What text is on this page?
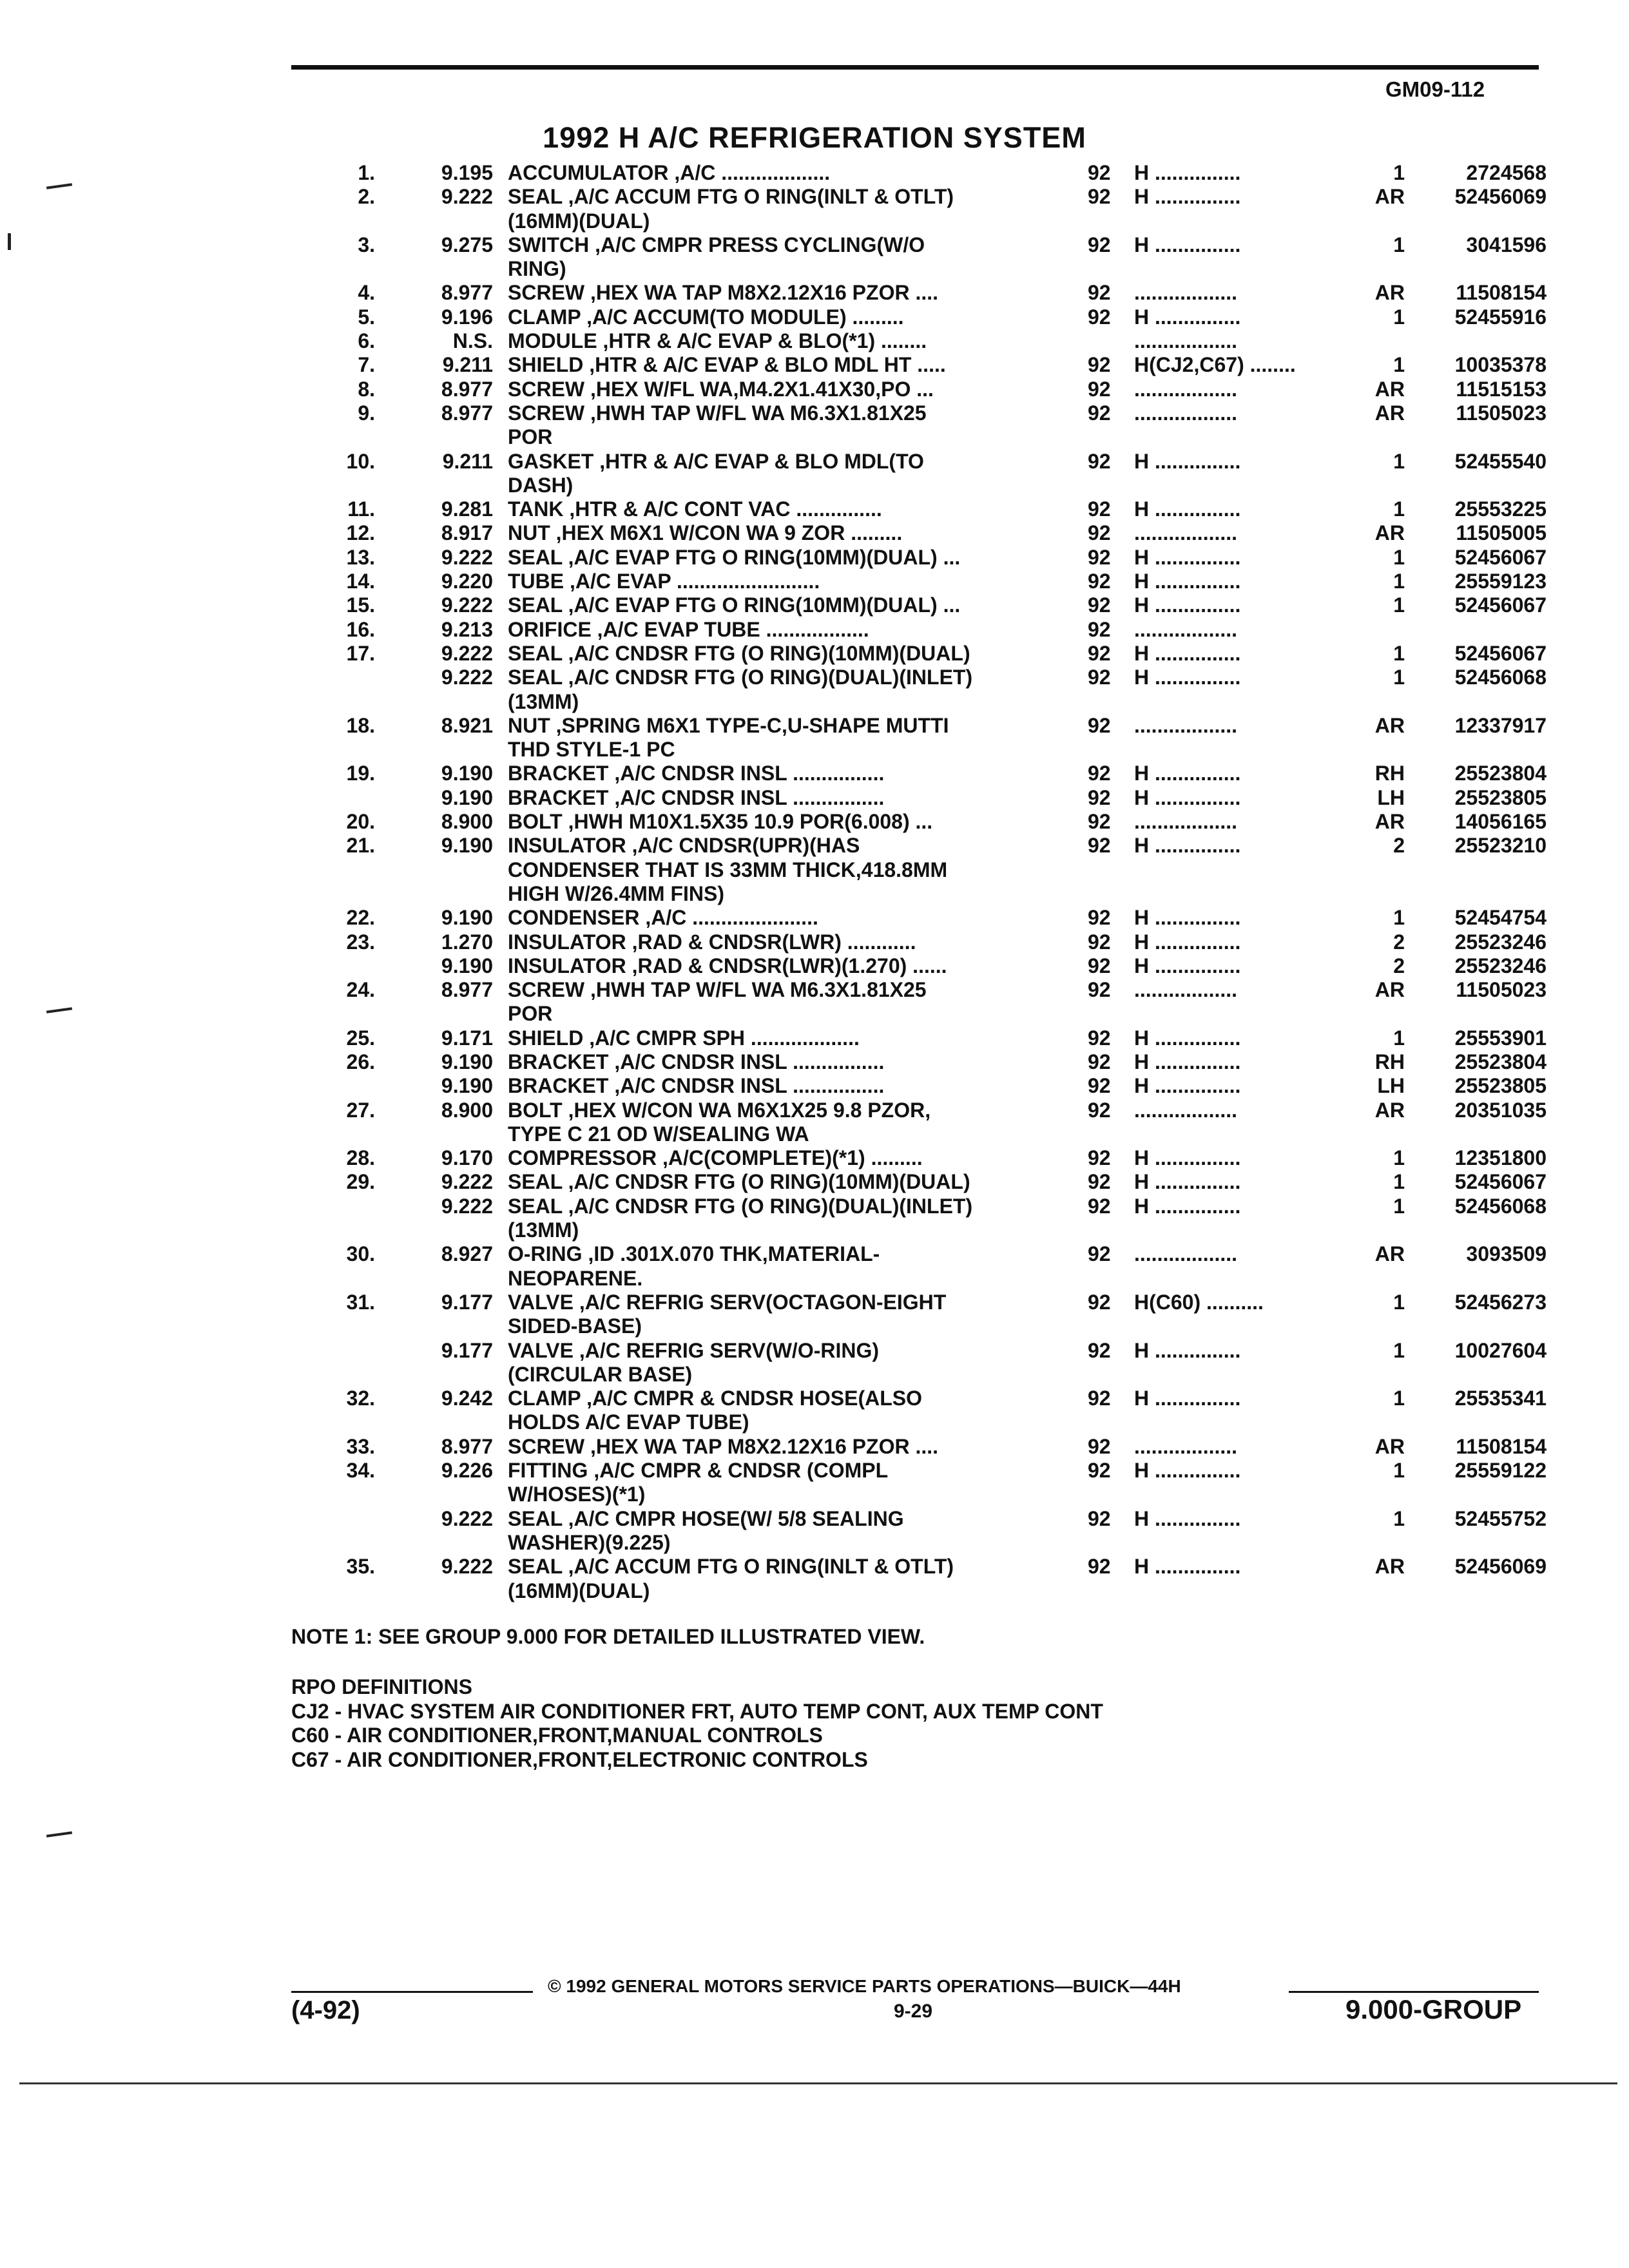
GM09-112
1992 H A/C REFRIGERATION SYSTEM
1.	9.195	92 H ...............	1	2724568
ACCUMULATOR ,A/C ...................
2.	9.222	92 H ...............	AR	52456069
SEAL ,A/C ACCUM FTG O RING(INLT & OTLT)
(16MM)(DUAL)
3.	9.275	92 H ...............	1	3041596
SWITCH ,A/C CMPR PRESS CYCLING(W/O
RING)
4.	8.977	92 ..................	AR	11508154
SCREW ,HEX WA TAP M8X2.12X16 PZOR ....
5.	9.196	92 H ...............	1	52455916
CLAMP ,A/C ACCUM(TO MODULE) .........
6.	N.S.	..................
MODULE ,HTR & A/C EVAP & BLO(*1) ........
7.	9.211	92 H(CJ2,C67) ........	1	10035378
SHIELD ,HTR & A/C EVAP & BLO MDL HT .....
8.	8.977	92 ..................	AR	11515153
SCREW ,HEX W/FL WA,M4.2X1.41X30,PO ...
9.	8.977	92 ..................	AR	11505023
SCREW ,HWH TAP W/FL WA M6.3X1.81X25
POR
10.	9.211	92 H ...............	1	52455540
GASKET ,HTR & A/C EVAP & BLO MDL(TO
DASH)
11.	9.281	92 H ...............	1	25553225
TANK ,HTR & A/C CONT VAC ...............
12.	8.917	92 ..................	AR	11505005
NUT ,HEX M6X1 W/CON WA 9 ZOR .........
13.	9.222	92 H ...............	1	52456067
SEAL ,A/C EVAP FTG O RING(10MM)(DUAL) ...
14.	9.220	92 H ...............	1	25559123
TUBE ,A/C EVAP .........................
15.	9.222	92 H ...............	1	52456067
SEAL ,A/C EVAP FTG O RING(10MM)(DUAL) ...
16.	9.213	92 ..................
ORIFICE ,A/C EVAP TUBE ..................
17.	9.222	92 H ...............	1	52456067
SEAL ,A/C CNDSR FTG (O RING)(10MM)(DUAL)
9.222	92 H ...............	1	52456068
SEAL ,A/C CNDSR FTG (O RING)(DUAL)(INLET)
(13MM)
18.	8.921	92 ..................	AR	12337917
NUT ,SPRING M6X1 TYPE-C,U-SHAPE MUTTI
THD STYLE-1 PC
19.	9.190	92 H ...............	RH	25523804
BRACKET ,A/C CNDSR INSL ................
9.190	92 H ...............	LH	25523805
BRACKET ,A/C CNDSR INSL ................
20.	8.900	92 ..................	AR	14056165
BOLT ,HWH M10X1.5X35 10.9 POR(6.008) ...
21.	9.190	92 H ...............	2	25523210
INSULATOR ,A/C CNDSR(UPR)(HAS
CONDENSER THAT IS 33MM THICK,418.8MM
HIGH W/26.4MM FINS)
22.	9.190	92 H ...............	1	52454754
CONDENSER ,A/C ......................
23.	1.270	92 H ...............	2	25523246
INSULATOR ,RAD & CNDSR(LWR) ............
9.190	92 H ...............	2	25523246
INSULATOR ,RAD & CNDSR(LWR)(1.270) ......
24.	8.977	92 ..................	AR	11505023
SCREW ,HWH TAP W/FL WA M6.3X1.81X25
POR
25.	9.171	92 H ...............	1	25553901
SHIELD ,A/C CMPR SPH ...................
26.	9.190	92 H ...............	RH	25523804
BRACKET ,A/C CNDSR INSL ................
9.190	92 H ...............	LH	25523805
BRACKET ,A/C CNDSR INSL ................
27.	8.900	92 ..................	AR	20351035
BOLT ,HEX W/CON WA M6X1X25 9.8 PZOR,
TYPE C 21 OD W/SEALING WA
28.	9.170	92 H ...............	1	12351800
COMPRESSOR ,A/C(COMPLETE)(*1) .........
29.	9.222	92 H ...............	1	52456067
SEAL ,A/C CNDSR FTG (O RING)(10MM)(DUAL)
9.222	92 H ...............	1	52456068
SEAL ,A/C CNDSR FTG (O RING)(DUAL)(INLET)
(13MM)
30.	8.927	92 ..................	AR	3093509
O-RING ,ID .301X.070 THK,MATERIAL-
NEOPARENE.
31.	9.177	92 H(C60) ..........	1	52456273
VALVE ,A/C REFRIG SERV(OCTAGON-EIGHT
SIDED-BASE)
9.177	92 H ...............	1	10027604
VALVE ,A/C REFRIG SERV(W/O-RING)
(CIRCULAR BASE)
32.	9.242	92 H ...............	1	25535341
CLAMP ,A/C CMPR & CNDSR HOSE(ALSO
HOLDS A/C EVAP TUBE)
33.	8.977	92 ..................	AR	11508154
SCREW ,HEX WA TAP M8X2.12X16 PZOR ....
34.	9.226	92 H ...............	1	25559122
FITTING ,A/C CMPR & CNDSR (COMPL
W/HOSES)(*1)
9.222	92 H ...............	1	52455752
SEAL ,A/C CMPR HOSE(W/ 5/8 SEALING
WASHER)(9.225)
35.	9.222	92 H ...............	AR	52456069
SEAL ,A/C ACCUM FTG O RING(INLT & OTLT)
(16MM)(DUAL)
NOTE 1: SEE GROUP 9.000 FOR DETAILED ILLUSTRATED VIEW.
RPO DEFINITIONS
CJ2 - HVAC SYSTEM AIR CONDITIONER FRT, AUTO TEMP CONT, AUX TEMP CONT
C60 - AIR CONDITIONER,FRONT,MANUAL CONTROLS
C67 - AIR CONDITIONER,FRONT,ELECTRONIC CONTROLS
© 1992 GENERAL MOTORS SERVICE PARTS OPERATIONS—BUICK—44H
(4-92)	9-29	9.000-GROUP
